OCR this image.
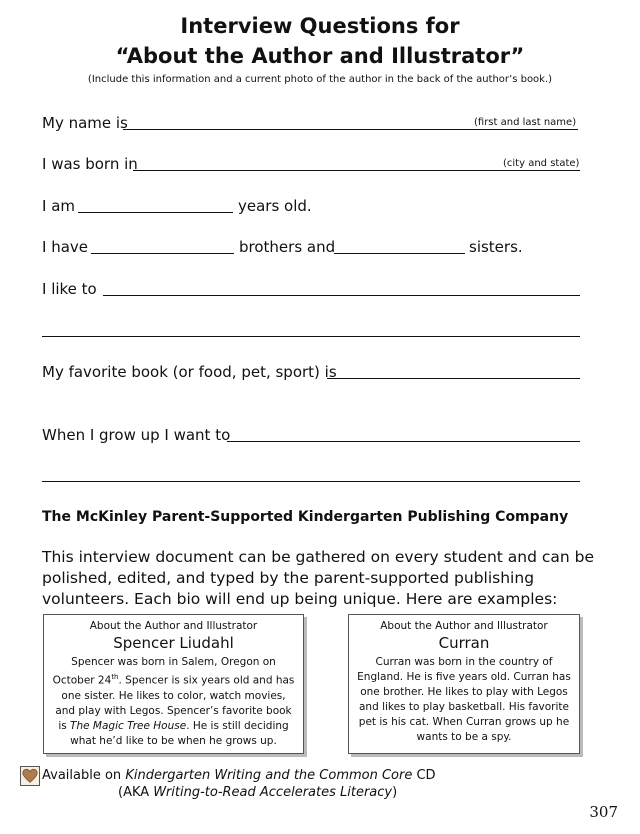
Interview Questions for
“About the Author and Illustrator”
(Include this information and a current photo of the author in the back of the author’s book.)
My name is	(first and last name)
I was born in	(city and state)
I am	years old.
I have	brothers and	sisters.
I like to
My favorite book (or food, pet, sport) is
When I grow up I want to
The McKinley Parent-Supported Kindergarten Publishing Company
This interview document can be gathered on every student and can be polished, edited, and typed by the parent-supported publishing volunteers. Each bio will end up being unique. Here are examples:
About the Author and Illustrator
Spencer Liudahl
Spencer was born in Salem, Oregon on October 24th. Spencer is six years old and has one sister. He likes to color, watch movies, and play with Legos. Spencer’s favorite book is The Magic Tree House. He is still deciding what he’d like to be when he grows up.
About the Author and Illustrator
Curran
Curran was born in the country of England. He is five years old. Curran has one brother. He likes to play with Legos and likes to play basketball. His favorite pet is his cat. When Curran grows up he wants to be a spy.
Available on Kindergarten Writing and the Common Core CD
(AKA Writing-to-Read Accelerates Literacy)
307
